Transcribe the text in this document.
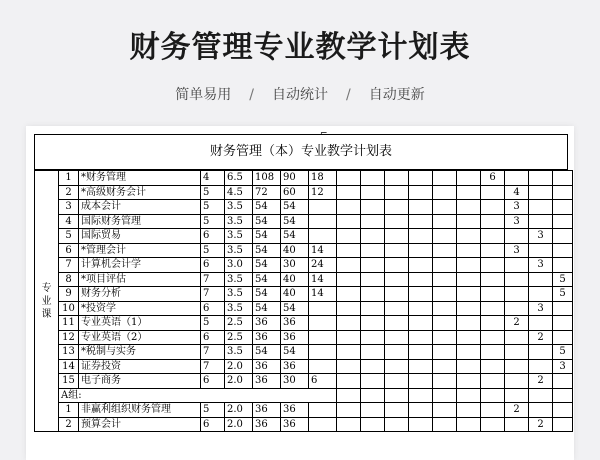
财务管理专业教学计划表
简单易用 / 自动统计 / 自动更新
⌐
财务管理（本）专业教学计划表
专
业
课	1	*财务管理	4	6.5	108	90	18							6			
	2	*高级财务会计	5	4.5	72	60	12								4		
	3	成本会计	5	3.5	54	54									3		
	4	国际财务管理	5	3.5	54	54									3		
	5	国际贸易	6	3.5	54	54										3	
	6	*管理会计	5	3.5	54	40	14								3		
	7	计算机会计学	6	3.0	54	30	24									3	
	8	*项目评估	7	3.5	54	40	14										5
	9	财务分析	7	3.5	54	40	14										5
	10	*投资学	6	3.5	54	54										3	
	11	专业英语（1）	5	2.5	36	36									2		
	12	专业英语（2）	6	2.5	36	36										2	
	13	*税制与实务	7	3.5	54	54											5
	14	证券投资	7	2.0	36	36											3
	15	电子商务	6	2.0	36	30	6									2	
	A组:																
	1	非赢利组织财务管理	5	2.0	36	36									2		
	2	预算会计	6	2.0	36	36										2	
